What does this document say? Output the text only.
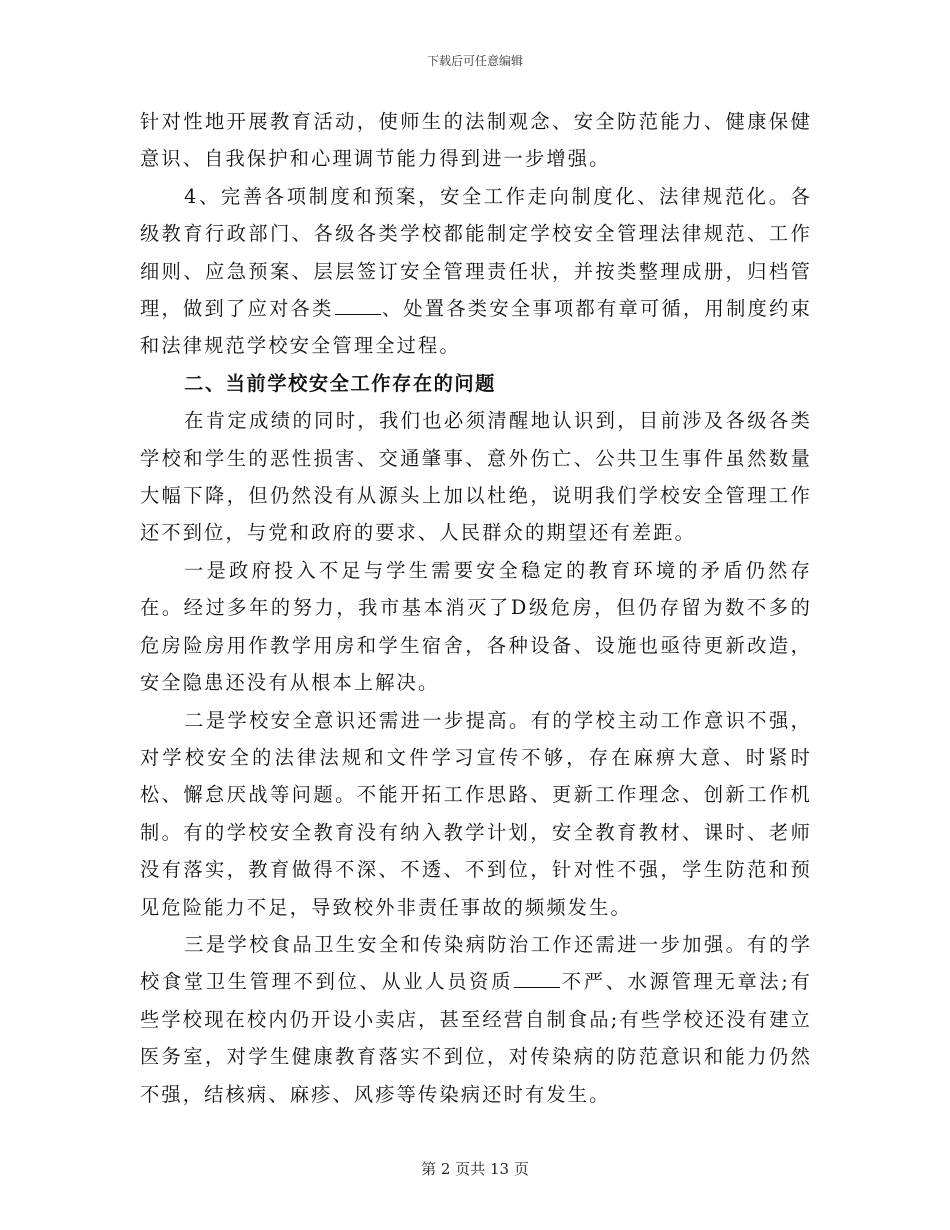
下载后可任意编辑

针对性地开展教育活动，使师生的法制观念、安全防范能力、健康保健意识、自我保护和心理调节能力得到进一步增强。

4、完善各项制度和预案，安全工作走向制度化、法律规范化。各级教育行政部门、各级各类学校都能制定学校安全管理法律规范、工作细则、应急预案、层层签订安全管理责任状，并按类整理成册，归档管理，做到了应对各类	、处置各类安全事项都有章可循，用制度约束和法律规范学校安全管理全过程。

二、当前学校安全工作存在的问题

在肯定成绩的同时，我们也必须清醒地认识到，目前涉及各级各类学校和学生的恶性损害、交通肇事、意外伤亡、公共卫生事件虽然数量大幅下降，但仍然没有从源头上加以杜绝，说明我们学校安全管理工作还不到位，与党和政府的要求、人民群众的期望还有差距。

一是政府投入不足与学生需要安全稳定的教育环境的矛盾仍然存在。经过多年的努力，我市基本消灭了D级危房，但仍存留为数不多的危房险房用作教学用房和学生宿舍，各种设备、设施也亟待更新改造，安全隐患还没有从根本上解决。

二是学校安全意识还需进一步提高。有的学校主动工作意识不强，对学校安全的法律法规和文件学习宣传不够，存在麻痹大意、时紧时松、懈怠厌战等问题。不能开拓工作思路、更新工作理念、创新工作机制。有的学校安全教育没有纳入教学计划，安全教育教材、课时、老师没有落实，教育做得不深、不透、不到位，针对性不强，学生防范和预见危险能力不足，导致校外非责任事故的频频发生。

三是学校食品卫生安全和传染病防治工作还需进一步加强。有的学校食堂卫生管理不到位、从业人员资质	不严、水源管理无章法;有些学校现在校内仍开设小卖店，甚至经营自制食品;有些学校还没有建立医务室，对学生健康教育落实不到位，对传染病的防范意识和能力仍然不强，结核病、麻疹、风疹等传染病还时有发生。

第 2 页共 13 页
